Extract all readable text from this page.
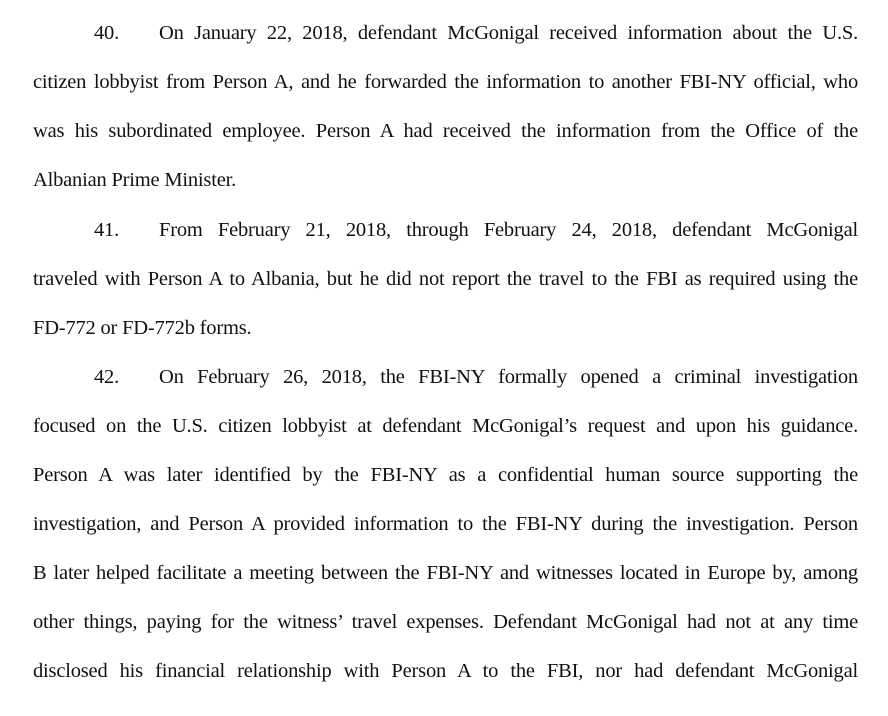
40. On January 22, 2018, defendant McGonigal received information about the U.S.
citizen lobbyist from Person A, and he forwarded the information to another FBI-NY official, who
was his subordinated employee. Person A had received the information from the Office of the
Albanian Prime Minister.
41. From February 21, 2018, through February 24, 2018, defendant McGonigal
traveled with Person A to Albania, but he did not report the travel to the FBI as required using the
FD-772 or FD-772b forms.
42. On February 26, 2018, the FBI-NY formally opened a criminal investigation
focused on the U.S. citizen lobbyist at defendant McGonigal’s request and upon his guidance.
Person A was later identified by the FBI-NY as a confidential human source supporting the
investigation, and Person A provided information to the FBI-NY during the investigation. Person
B later helped facilitate a meeting between the FBI-NY and witnesses located in Europe by, among
other things, paying for the witness’ travel expenses. Defendant McGonigal had not at any time
disclosed his financial relationship with Person A to the FBI, nor had defendant McGonigal
